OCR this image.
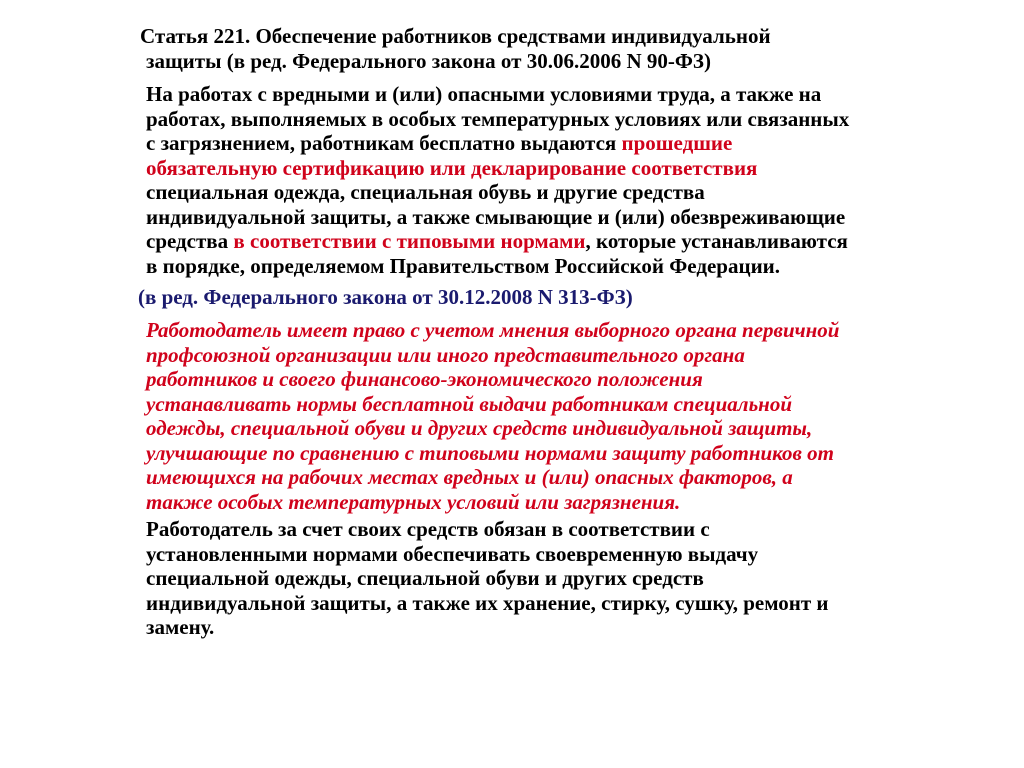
Статья 221. Обеспечение работников средствами индивидуальной
защиты (в ред. Федерального закона от 30.06.2006 N 90-ФЗ)
На работах с вредными и (или) опасными условиями труда, а также на
работах, выполняемых в особых температурных условиях или связанных
с загрязнением, работникам бесплатно выдаются прошедшие
обязательную сертификацию или декларирование соответствия
специальная одежда, специальная обувь и другие средства
индивидуальной защиты, а также смывающие и (или) обезвреживающие
средства в соответствии с типовыми нормами, которые устанавливаются
в порядке, определяемом Правительством Российской Федерации.
(в ред. Федерального закона от 30.12.2008 N 313-ФЗ)
Работодатель имеет право с учетом мнения выборного органа первичной
профсоюзной организации или иного представительного органа
работников и своего финансово-экономического положения
устанавливать нормы бесплатной выдачи работникам специальной
одежды, специальной обуви и других средств индивидуальной защиты,
улучшающие по сравнению с типовыми нормами защиту работников от
имеющихся на рабочих местах вредных и (или) опасных факторов, а
также особых температурных условий или загрязнения.
Работодатель за счет своих средств обязан в соответствии с
установленными нормами обеспечивать своевременную выдачу
специальной одежды, специальной обуви и других средств
индивидуальной защиты, а также их хранение, стирку, сушку, ремонт и
замену.
